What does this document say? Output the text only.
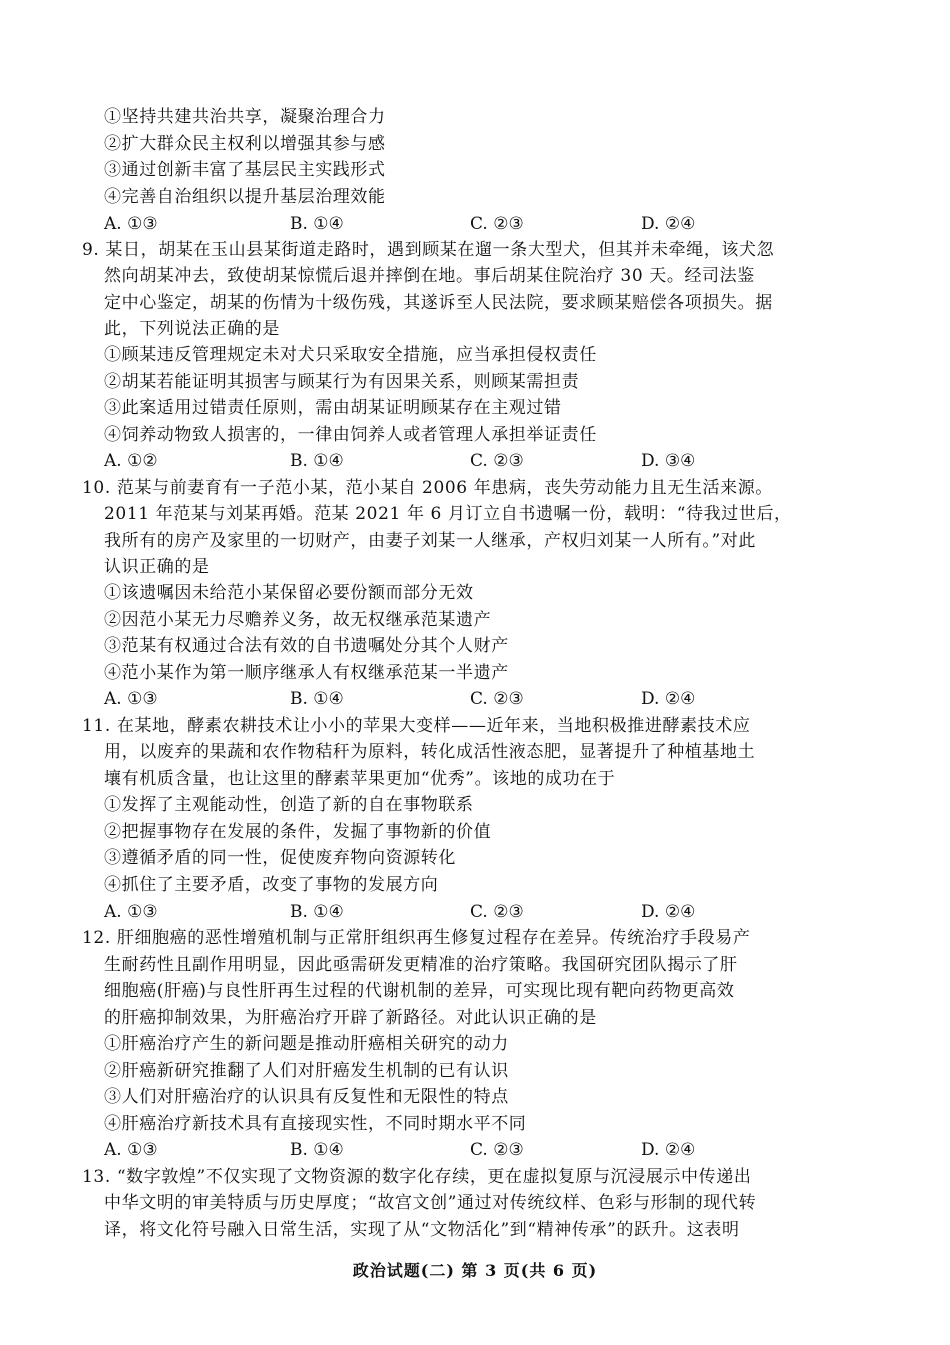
①坚持共建共治共享，凝聚治理合力
②扩大群众民主权利以增强其参与感
③通过创新丰富了基层民主实践形式
④完善自治组织以提升基层治理效能
A. ①③	B. ①④	C. ②③	D. ②④
9. 某日，胡某在玉山县某街道走路时，遇到顾某在遛一条大型犬，但其并未牵绳，该犬忽
然向胡某冲去，致使胡某惊慌后退并摔倒在地。事后胡某住院治疗 30 天。经司法鉴
定中心鉴定，胡某的伤情为十级伤残，其遂诉至人民法院，要求顾某赔偿各项损失。据
此，下列说法正确的是
①顾某违反管理规定未对犬只采取安全措施，应当承担侵权责任
②胡某若能证明其损害与顾某行为有因果关系，则顾某需担责
③此案适用过错责任原则，需由胡某证明顾某存在主观过错
④饲养动物致人损害的，一律由饲养人或者管理人承担举证责任
A. ①②	B. ①④	C. ②③	D. ③④
10. 范某与前妻育有一子范小某，范小某自 2006 年患病，丧失劳动能力且无生活来源。
2011 年范某与刘某再婚。范某 2021 年 6 月订立自书遗嘱一份，载明：“待我过世后，
我所有的房产及家里的一切财产，由妻子刘某一人继承，产权归刘某一人所有。”对此
认识正确的是
①该遗嘱因未给范小某保留必要份额而部分无效
②因范小某无力尽赡养义务，故无权继承范某遗产
③范某有权通过合法有效的自书遗嘱处分其个人财产
④范小某作为第一顺序继承人有权继承范某一半遗产
A. ①③	B. ①④	C. ②③	D. ②④
11. 在某地，酵素农耕技术让小小的苹果大变样——近年来，当地积极推进酵素技术应
用，以废弃的果蔬和农作物秸秆为原料，转化成活性液态肥，显著提升了种植基地土
壤有机质含量，也让这里的酵素苹果更加“优秀”。该地的成功在于
①发挥了主观能动性，创造了新的自在事物联系
②把握事物存在发展的条件，发掘了事物新的价值
③遵循矛盾的同一性，促使废弃物向资源转化
④抓住了主要矛盾，改变了事物的发展方向
A. ①③	B. ①④	C. ②③	D. ②④
12. 肝细胞癌的恶性增殖机制与正常肝组织再生修复过程存在差异。传统治疗手段易产
生耐药性且副作用明显，因此亟需研发更精准的治疗策略。我国研究团队揭示了肝
细胞癌(肝癌)与良性肝再生过程的代谢机制的差异，可实现比现有靶向药物更高效
的肝癌抑制效果，为肝癌治疗开辟了新路径。对此认识正确的是
①肝癌治疗产生的新问题是推动肝癌相关研究的动力
②肝癌新研究推翻了人们对肝癌发生机制的已有认识
③人们对肝癌治疗的认识具有反复性和无限性的特点
④肝癌治疗新技术具有直接现实性，不同时期水平不同
A. ①③	B. ①④	C. ②③	D. ②④
13. “数字敦煌”不仅实现了文物资源的数字化存续，更在虚拟复原与沉浸展示中传递出
中华文明的审美特质与历史厚度；“故宫文创”通过对传统纹样、色彩与形制的现代转
译，将文化符号融入日常生活，实现了从“文物活化”到“精神传承”的跃升。这表明
政治试题(二) 第 3 页(共 6 页)
